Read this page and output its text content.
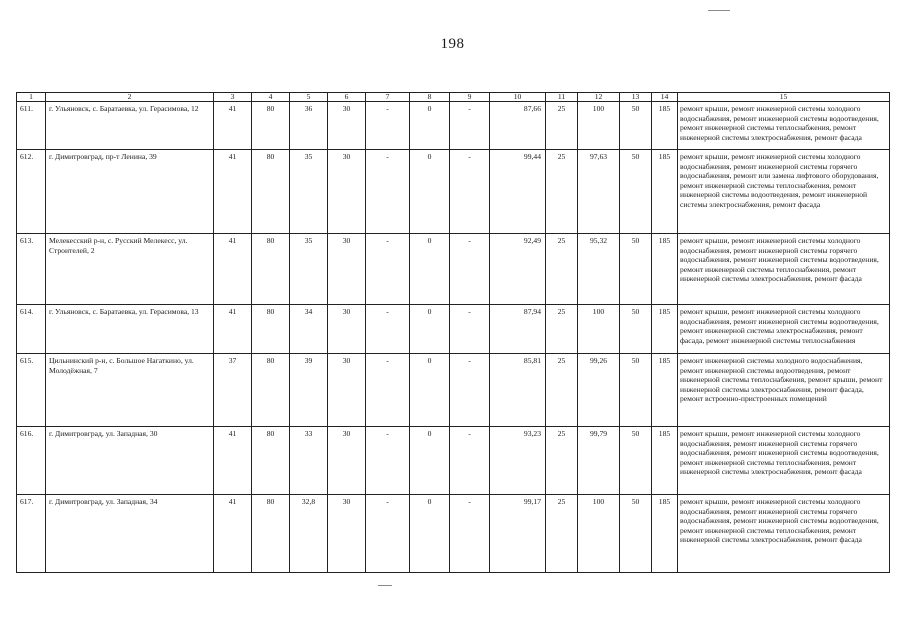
198
1	2	3	4	5	6	7	8	9	10	11	12	13	14	15
611.	г. Ульяновск, с. Баратаевка, ул. Герасимова, 12	41	80	36	30	-	0	-	87,66	25	100	50	185	ремонт крыши, ремонт инженерной системы холодного водоснабжения, ремонт инженерной системы водоотведения, ремонт инженерной системы теплоснабжения, ремонт инженерной системы электроснабжения, ремонт фасада
612.	г. Димитровград, пр-т Ленина, 39	41	80	35	30	-	0	-	99,44	25	97,63	50	185	ремонт крыши, ремонт инженерной системы холодного водоснабжения, ремонт инженерной системы горячего водоснабжения, ремонт или замена лифтового оборудования, ремонт инженерной системы теплоснабжения, ремонт инженерной системы водоотведения, ремонт инженерной системы электроснабжения, ремонт фасада
613.	Мелекесский р-н, с. Русский Мелекесс, ул. Строителей, 2	41	80	35	30	-	0	-	92,49	25	95,32	50	185	ремонт крыши, ремонт инженерной системы холодного водоснабжения, ремонт инженерной системы горячего водоснабжения, ремонт инженерной системы водоотведения, ремонт инженерной системы теплоснабжения, ремонт инженерной системы электроснабжения, ремонт фасада
614.	г. Ульяновск, с. Баратаевка, ул. Герасимова, 13	41	80	34	30	-	0	-	87,94	25	100	50	185	ремонт крыши, ремонт инженерной системы холодного водоснабжения, ремонт инженерной системы водоотведения, ремонт инженерной системы электроснабжения, ремонт фасада, ремонт инженерной системы теплоснабжения
615.	Цильнинский р-н, с. Большое Нагаткино, ул. Молодёжная, 7	37	80	39	30	-	0	-	85,81	25	99,26	50	185	ремонт инженерной системы холодного водоснабжения, ремонт инженерной системы водоотведения, ремонт инженерной системы теплоснабжения, ремонт крыши, ремонт инженерной системы электроснабжения, ремонт фасада, ремонт встроенно-пристроенных помещений
616.	г. Димитровград, ул. Западная, 30	41	80	33	30	-	0	-	93,23	25	99,79	50	185	ремонт крыши, ремонт инженерной системы холодного водоснабжения, ремонт инженерной системы горячего водоснабжения, ремонт инженерной системы водоотведения, ремонт инженерной системы теплоснабжения, ремонт инженерной системы электроснабжения, ремонт фасада
617.	г. Димитровград, ул. Западная, 34	41	80	32,8	30	-	0	-	99,17	25	100	50	185	ремонт крыши, ремонт инженерной системы холодного водоснабжения, ремонт инженерной системы горячего водоснабжения, ремонт инженерной системы водоотведения, ремонт инженерной системы теплоснабжения, ремонт инженерной системы электроснабжения, ремонт фасада
